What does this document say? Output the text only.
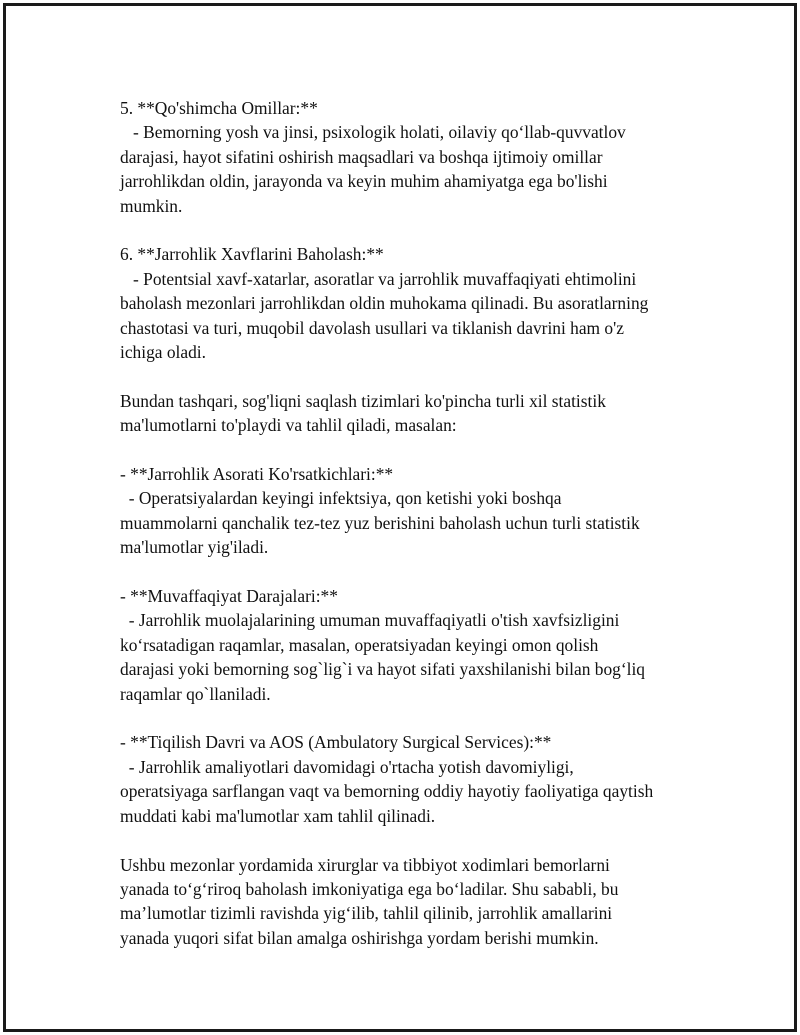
5. **Qo'shimcha Omillar:**
- Bemorning yosh va jinsi, psixologik holati, oilaviy qo‘llab-quvvatlov
darajasi, hayot sifatini oshirish maqsadlari va boshqa ijtimoiy omillar
jarrohlikdan oldin, jarayonda va keyin muhim ahamiyatga ega bo'lishi
mumkin.
6. **Jarrohlik Xavflarini Baholash:**
- Potentsial xavf-xatarlar, asoratlar va jarrohlik muvaffaqiyati ehtimolini
baholash mezonlari jarrohlikdan oldin muhokama qilinadi. Bu asoratlarning
chastotasi va turi, muqobil davolash usullari va tiklanish davrini ham o'z
ichiga oladi.
Bundan tashqari, sog'liqni saqlash tizimlari ko'pincha turli xil statistik
ma'lumotlarni to'playdi va tahlil qiladi, masalan:
- **Jarrohlik Asorati Ko'rsatkichlari:**
- Operatsiyalardan keyingi infektsiya, qon ketishi yoki boshqa
muammolarni qanchalik tez-tez yuz berishini baholash uchun turli statistik
ma'lumotlar yig'iladi.
- **Muvaffaqiyat Darajalari:**
- Jarrohlik muolajalarining umuman muvaffaqiyatli o'tish xavfsizligini
ko‘rsatadigan raqamlar, masalan, operatsiyadan keyingi omon qolish
darajasi yoki bemorning sog`lig`i va hayot sifati yaxshilanishi bilan bog‘liq
raqamlar qo`llaniladi.
- **Tiqilish Davri va AOS (Ambulatory Surgical Services):**
- Jarrohlik amaliyotlari davomidagi o'rtacha yotish davomiyligi,
operatsiyaga sarflangan vaqt va bemorning oddiy hayotiy faoliyatiga qaytish
muddati kabi ma'lumotlar xam tahlil qilinadi.
Ushbu mezonlar yordamida xirurglar va tibbiyot xodimlari bemorlarni
yanada to‘g‘riroq baholash imkoniyatiga ega bo‘ladilar. Shu sababli, bu
ma’lumotlar tizimli ravishda yig‘ilib, tahlil qilinib, jarrohlik amallarini
yanada yuqori sifat bilan amalga oshirishga yordam berishi mumkin.
